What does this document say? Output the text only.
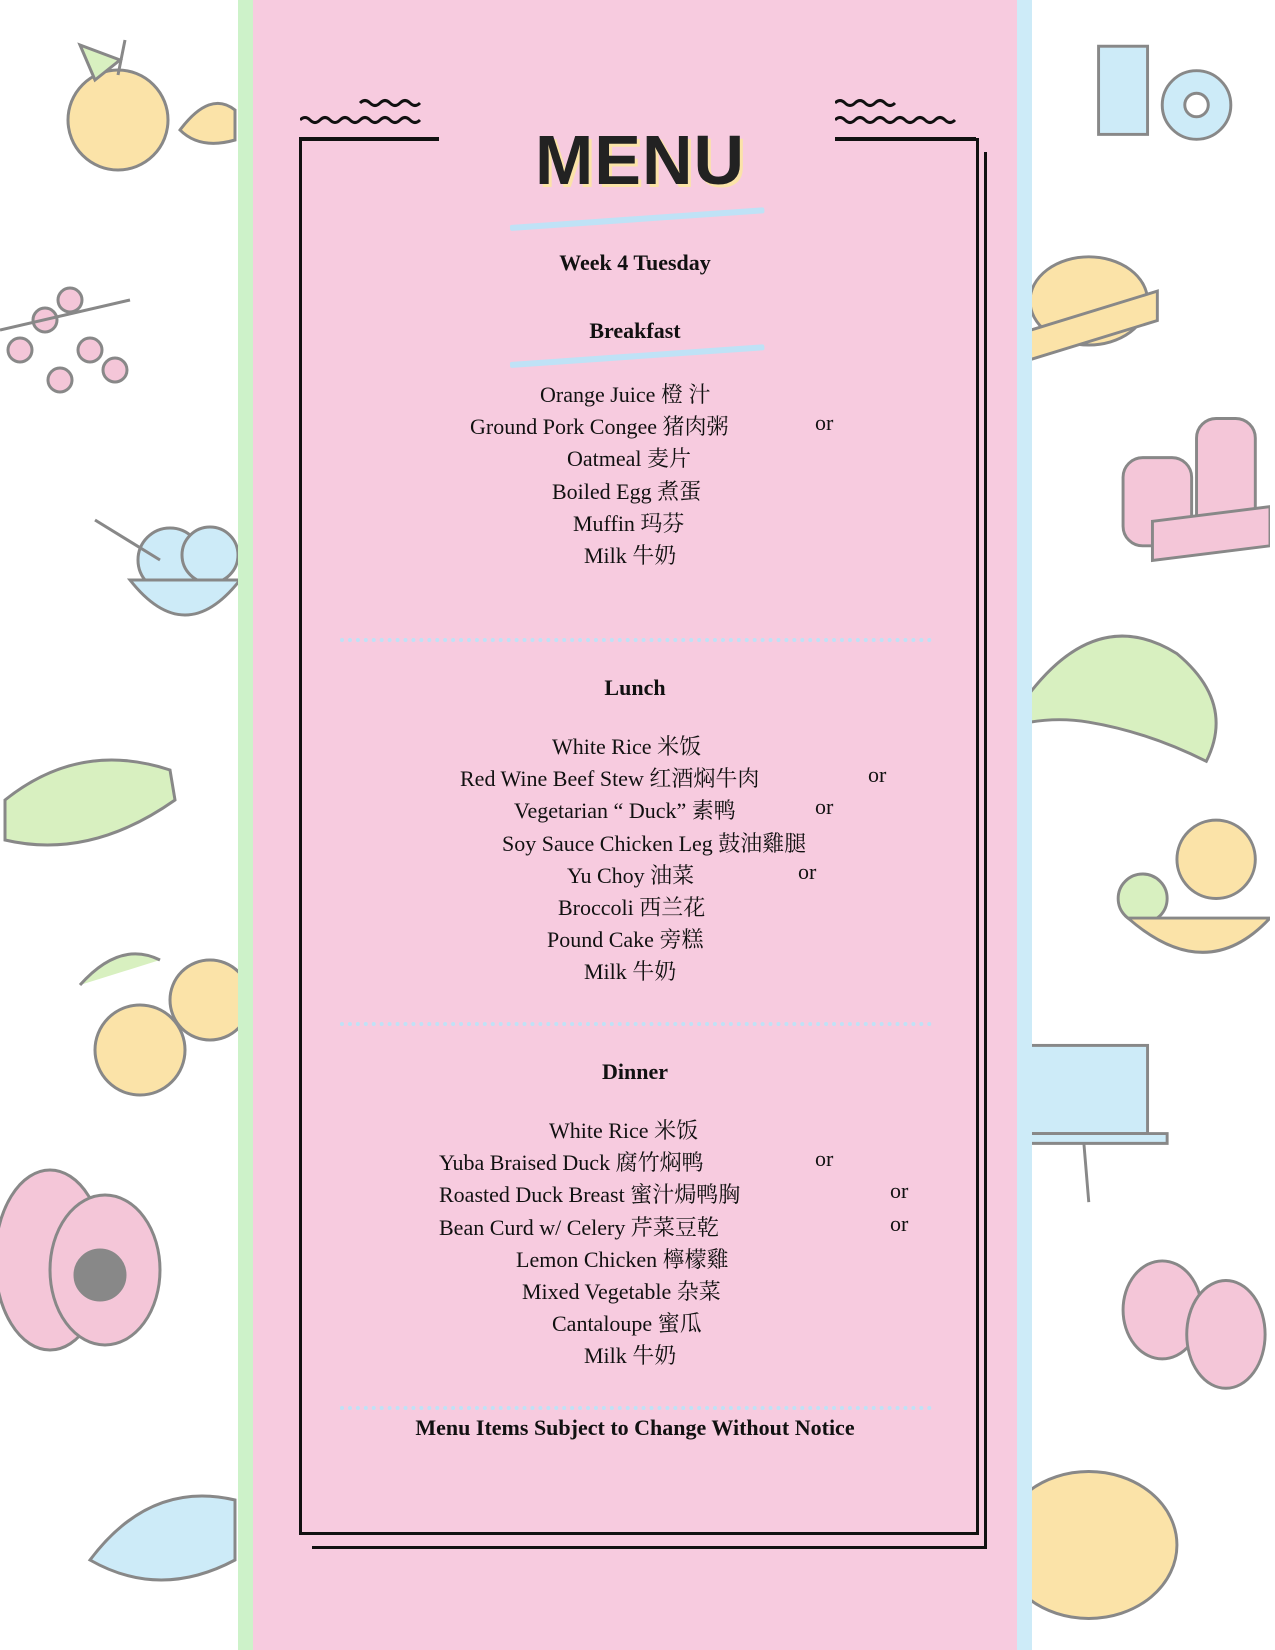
MENU
Week 4 Tuesday
Breakfast
Orange Juice 橙 汁
Ground Pork Congee 猪肉粥	or
Oatmeal 麦片
Boiled Egg 煮蛋
Muffin 玛芬
Milk 牛奶
Lunch
White Rice 米饭
Red Wine Beef Stew 红酒焖牛肉	or
Vegetarian “ Duck” 素鸭	or
Soy Sauce Chicken Leg 鼓油雞腿
Yu Choy 油菜	or
Broccoli 西兰花
Pound Cake 旁糕
Milk 牛奶
Dinner
White Rice 米饭
Yuba Braised Duck 腐竹焖鸭	or
Roasted Duck Breast 蜜汁焗鸭胸	or
Bean Curd w/ Celery 芹菜豆乾	or
Lemon Chicken 檸檬雞
Mixed Vegetable 杂菜
Cantaloupe 蜜瓜
Milk 牛奶
Menu Items Subject to Change Without Notice
